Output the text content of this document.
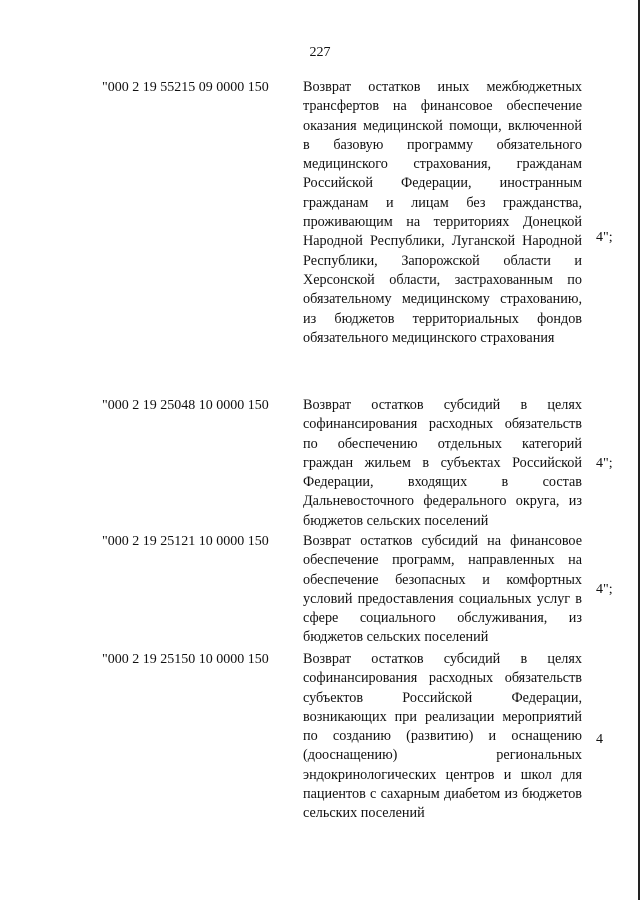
227
"000 2 19 55215 09 0000 150 Возврат остатков иных межбюджетных трансфертов на финансовое обеспечение оказания медицинской помощи, включенной в базовую программу обязательного медицинского страхования, гражданам Российской Федерации, иностранным гражданам и лицам без гражданства, проживающим на территориях Донецкой Народной Республики, Луганской Народной Республики, Запорожской области и Херсонской области, застрахованным по обязательному медицинскому страхованию, из бюджетов территориальных фондов обязательного медицинского страхования
4";
"000 2 19 25048 10 0000 150 Возврат остатков субсидий в целях софинансирования расходных обязательств по обеспечению отдельных категорий граждан жильем в субъектах Российской Федерации, входящих в состав Дальневосточного федерального округа, из бюджетов сельских поселений
4";
"000 2 19 25121 10 0000 150 Возврат остатков субсидий на финансовое обеспечение программ, направленных на обеспечение безопасных и комфортных условий предоставления социальных услуг в сфере социального обслуживания, из бюджетов сельских поселений
4";
"000 2 19 25150 10 0000 150 Возврат остатков субсидий в целях софинансирования расходных обязательств субъектов Российской Федерации, возникающих при реализации мероприятий по созданию (развитию) и оснащению (дооснащению) региональных эндокринологических центров и школ для пациентов с сахарным диабетом из бюджетов сельских поселений
4
